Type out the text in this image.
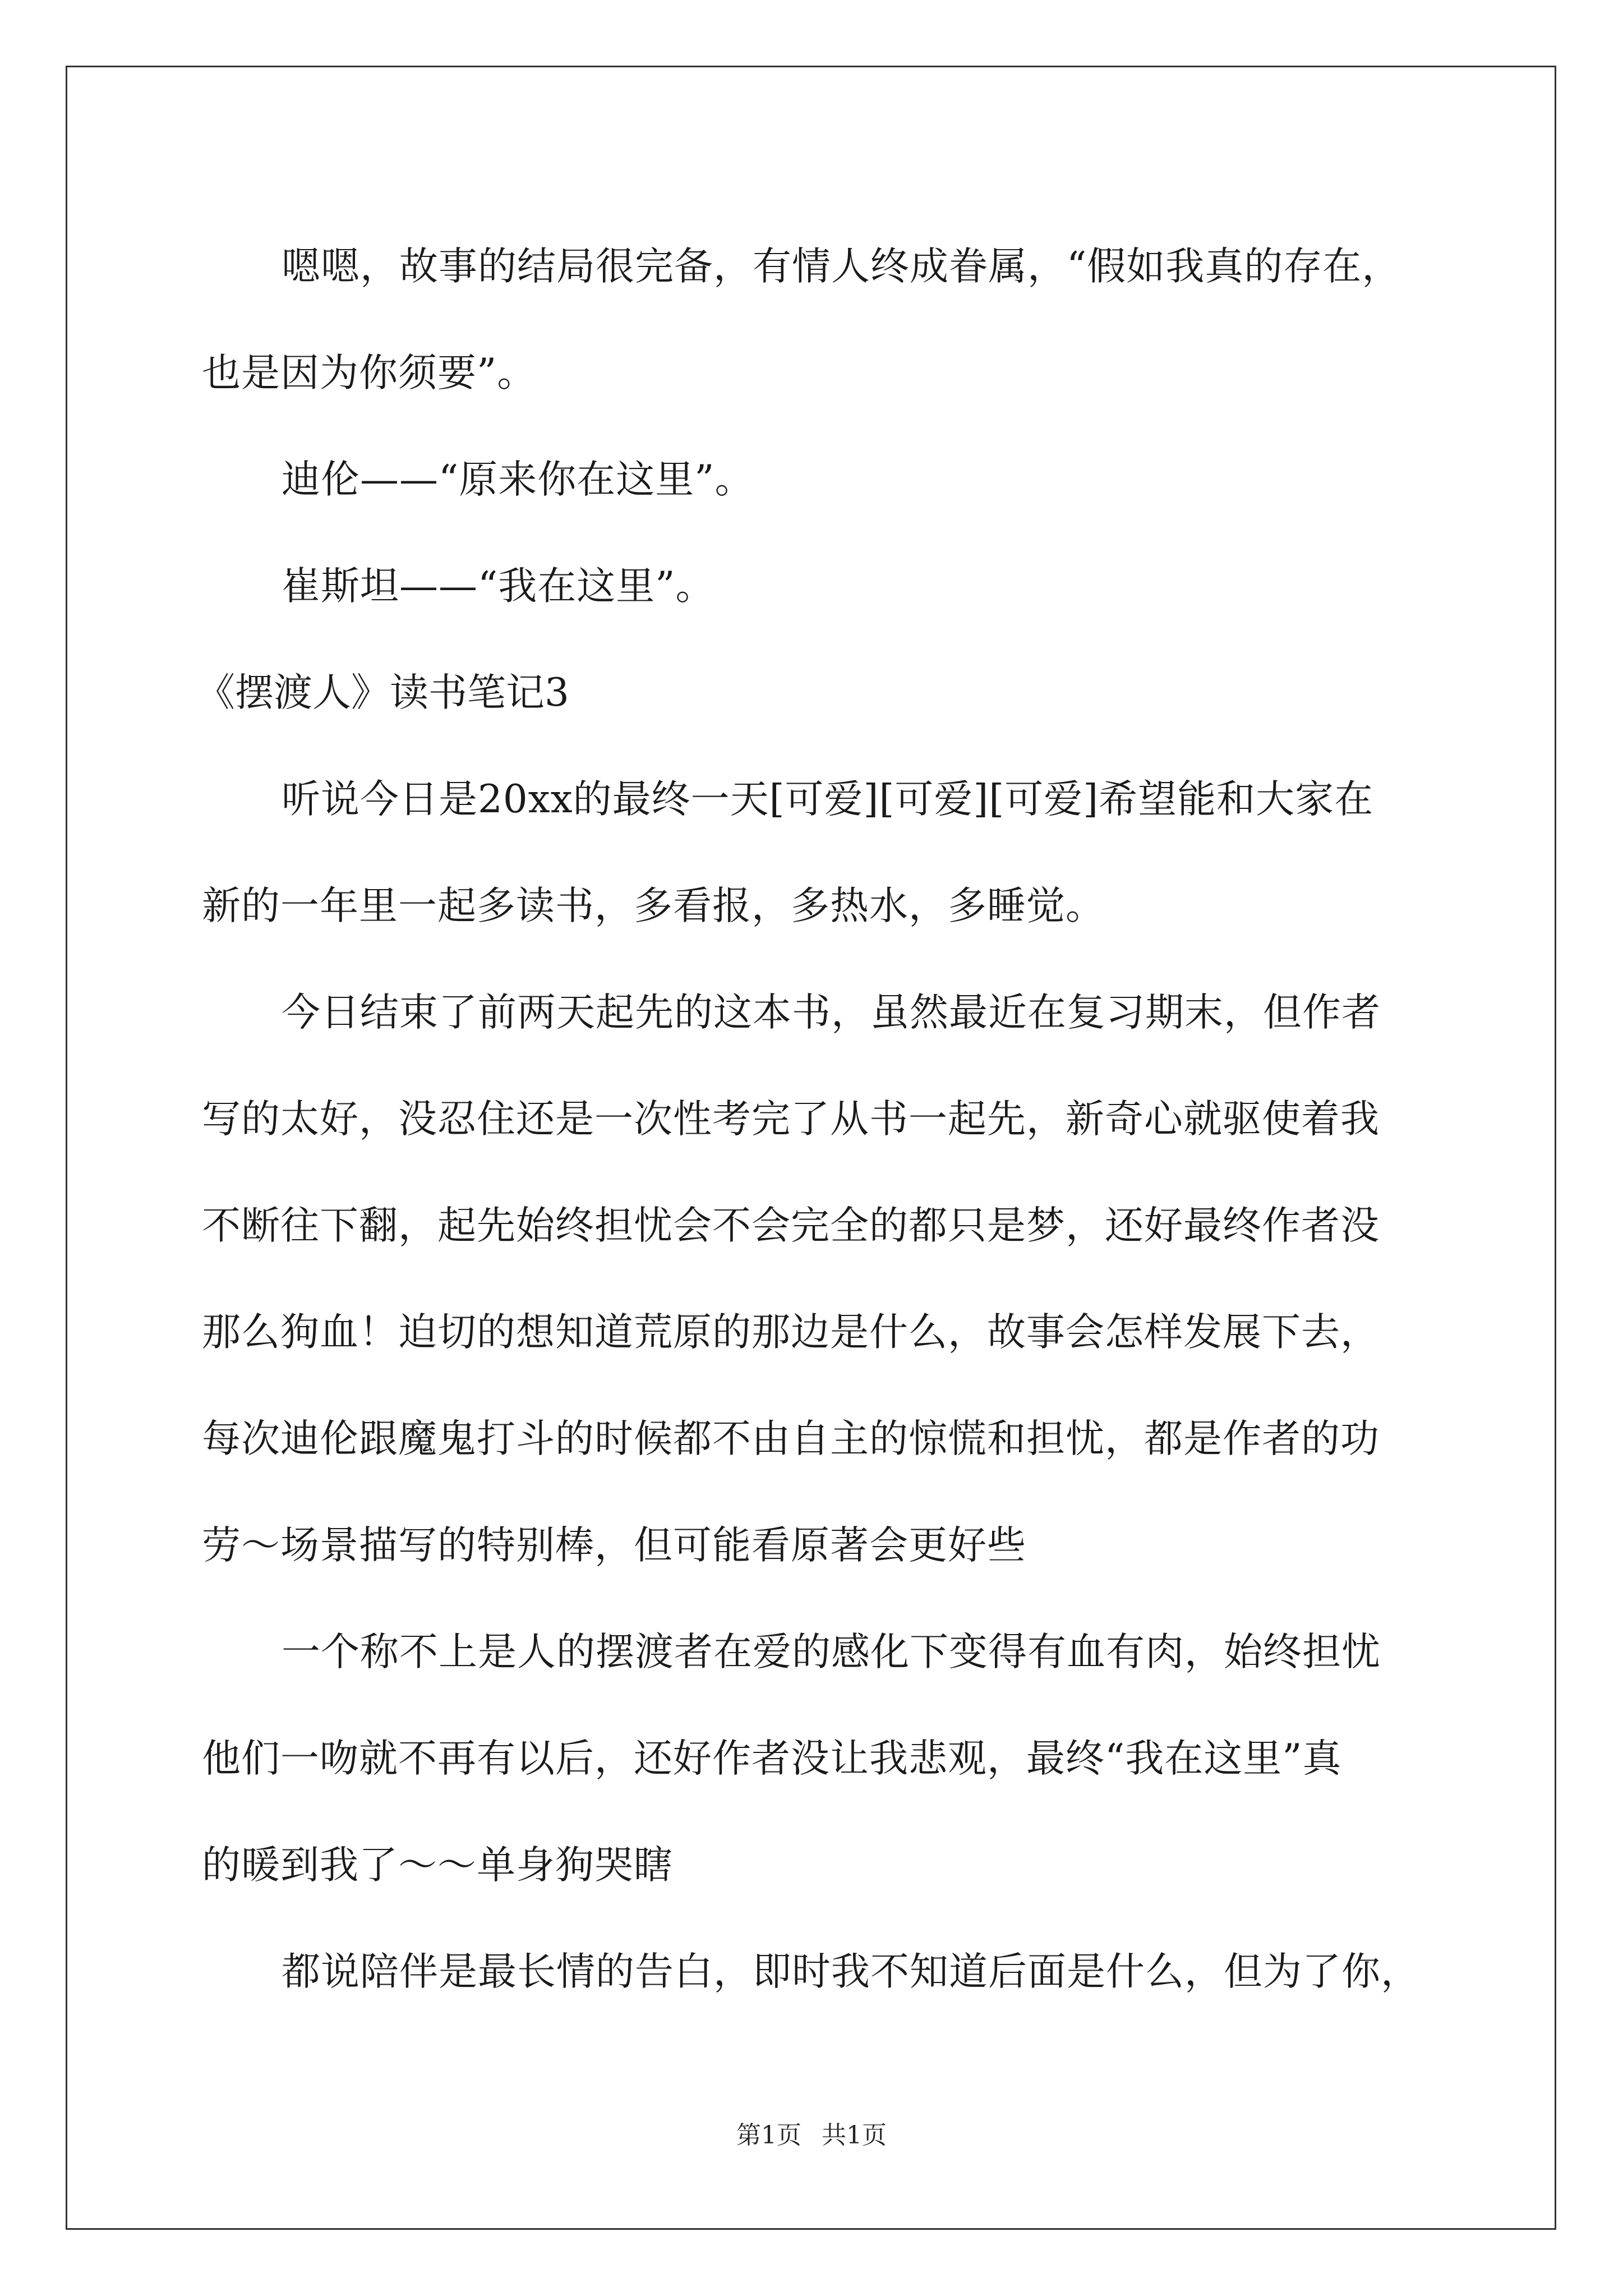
嗯嗯，故事的结局很完备，有情人终成眷属，“假如我真的存在，

也是因为你须要”。

迪伦——“原来你在这里”。

崔斯坦——“我在这里”。

《摆渡人》读书笔记3

听说今日是20xx的最终一天[可爱][可爱][可爱]希望能和大家在

新的一年里一起多读书，多看报，多热水，多睡觉。

今日结束了前两天起先的这本书，虽然最近在复习期末，但作者

写的太好，没忍住还是一次性考完了从书一起先，新奇心就驱使着我

不断往下翻，起先始终担忧会不会完全的都只是梦，还好最终作者没

那么狗血！迫切的想知道荒原的那边是什么，故事会怎样发展下去，

每次迪伦跟魔鬼打斗的时候都不由自主的惊慌和担忧，都是作者的功

劳～场景描写的特别棒，但可能看原著会更好些

一个称不上是人的摆渡者在爱的感化下变得有血有肉，始终担忧

他们一吻就不再有以后，还好作者没让我悲观，最终“我在这里”真

的暖到我了～～单身狗哭瞎

都说陪伴是最长情的告白，即时我不知道后面是什么，但为了你，

第1页 共1页
